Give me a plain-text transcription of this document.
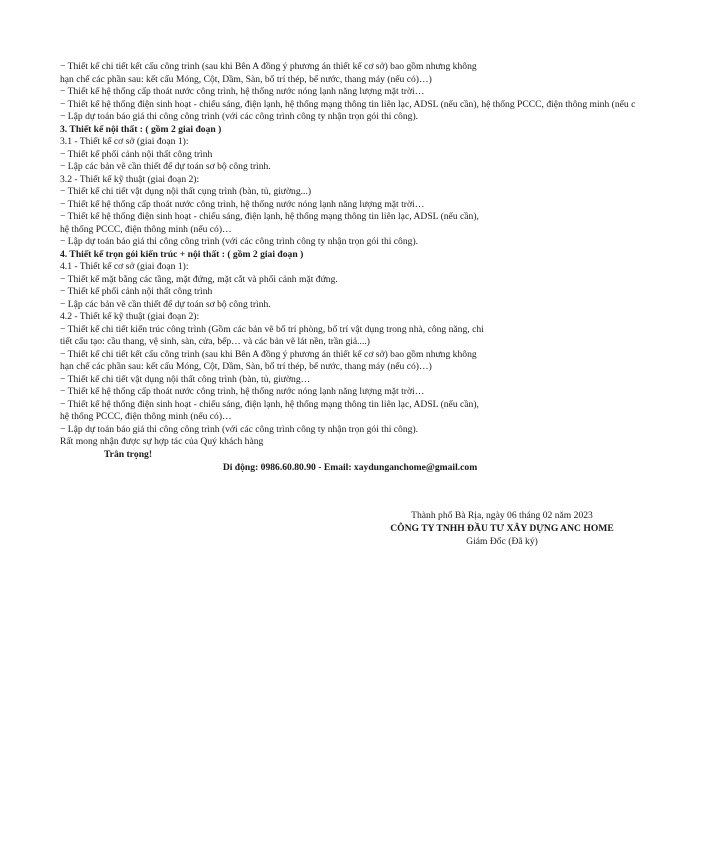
− Thiết kế chi tiết kết cấu công trình (sau khi Bên A đồng ý phương án thiết kế cơ sở) bao gồm nhưng không
hạn chế các phần sau: kết cấu Móng, Cột, Dầm, Sàn, bố trí thép, bể nước, thang máy (nếu có)…)
− Thiết kế hệ thống cấp thoát nước công trình, hệ thống nước nóng lạnh năng lượng mặt trời…
− Thiết kế hệ thống điện sinh hoạt - chiếu sáng, điện lạnh, hệ thống mạng thông tin liên lạc, ADSL (nếu cần), hệ thống PCCC, điện thông minh (nếu c
− Lập dự toán báo giá thi công công trình (với các công trình công ty nhận trọn gói thi công).
3. Thiết kế nội thất : ( gồm 2 giai đoạn )
3.1 - Thiết kế cơ sở (giai đoạn 1):
− Thiết kế phối cảnh nội thất công trình
− Lập các bản vẽ cần thiết để dự toán sơ bộ công trình.
3.2 - Thiết kế kỹ thuật (giai đoạn 2):
− Thiết kế chi tiết vật dụng nội thất cụng trình (bàn, tủ, giường...)
− Thiết kế hệ thống cấp thoát nước công trình, hệ thống nước nóng lạnh năng lượng mặt trời…
− Thiết kế hệ thống điện sinh hoạt - chiếu sáng, điện lạnh, hệ thống mạng thông tin liên lạc, ADSL (nếu cần),
hệ thống PCCC, điện thông minh (nếu có)…
− Lập dự toán báo giá thi công công trình (với các công trình công ty nhận trọn gói thi công).
4. Thiết kế trọn gói kiến trúc + nội thất : ( gồm 2 giai đoạn )
4.1 - Thiết kế cơ sở (giai đoạn 1):
− Thiết kế mặt bằng các tầng, mặt đứng, mặt cắt và phối cảnh mặt đứng.
− Thiết kế phối cảnh nội thất công trình
− Lập các bản vẽ cần thiết để dự toán sơ bộ công trình.
4.2 - Thiết kế kỹ thuật (giai đoạn 2):
− Thiết kế chi tiết kiến trúc công trình (Gồm các bản vẽ bố trí phòng, bố trí vật dụng trong nhà, công năng, chi
tiết cấu tạo: cầu thang, vệ sinh, sàn, cửa, bếp… và các bản vẽ lát nền, trần giả....)
− Thiết kế chi tiết kết cấu công trình (sau khi Bên A đồng ý phương án thiết kế cơ sở) bao gồm nhưng không
hạn chế các phần sau: kết cấu Móng, Cột, Dầm, Sàn, bố trí thép, bể nước, thang máy (nếu có)…)
− Thiết kế chi tiết vật dụng nội thất công trình (bàn, tủ, giường…
− Thiết kế hệ thống cấp thoát nước công trình, hệ thống nước nóng lạnh năng lượng mặt trời…
− Thiết kế hệ thống điện sinh hoạt - chiếu sáng, điện lạnh, hệ thống mạng thông tin liên lạc, ADSL (nếu cần),
hệ thống PCCC, điện thông minh (nếu có)…
− Lập dự toán báo giá thi công công trình (với các công trình công ty nhận trọn gói thi công).
Rất mong nhận được sự hợp tác của Quý khách hàng
Trân trọng!
Di động: 0986.60.80.90 - Email: xaydunganchome@gmail.com
Thành phố Bà Rịa, ngày 06 tháng 02 năm 2023
CÔNG TY TNHH ĐẦU TƯ XÂY DỰNG ANC HOME
Giám Đốc (Đã ký)
